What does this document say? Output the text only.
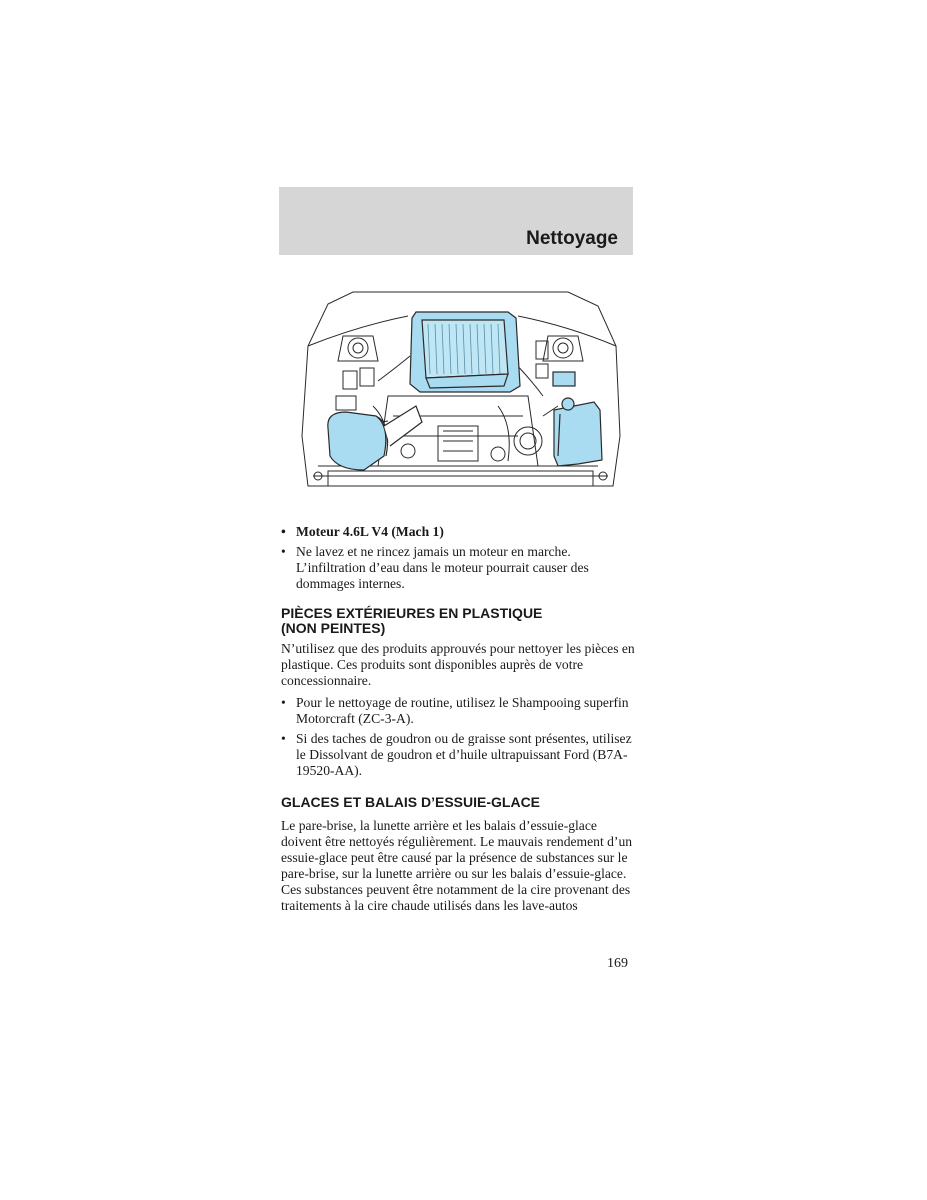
Nettoyage
• Moteur 4.6L V4 (Mach 1)
• Ne lavez et ne rincez jamais un moteur en marche. L’infiltration d’eau dans le moteur pourrait causer des dommages internes.
PIÈCES EXTÉRIEURES EN PLASTIQUE
(NON PEINTES)

N’utilisez que des produits approuvés pour nettoyer les pièces en plastique. Ces produits sont disponibles auprès de votre concessionnaire.

• Pour le nettoyage de routine, utilisez le Shampooing superfin Motorcraft (ZC-3-A).
• Si des taches de goudron ou de graisse sont présentes, utilisez le Dissolvant de goudron et d’huile ultrapuissant Ford (B7A-19520-AA).
GLACES ET BALAIS D’ESSUIE-GLACE

Le pare-brise, la lunette arrière et les balais d’essuie-glace doivent être nettoyés régulièrement. Le mauvais rendement d’un essuie-glace peut être causé par la présence de substances sur le pare-brise, sur la lunette arrière ou sur les balais d’essuie-glace. Ces substances peuvent être notamment de la cire provenant des traitements à la cire chaude utilisés dans les lave-autos

169
